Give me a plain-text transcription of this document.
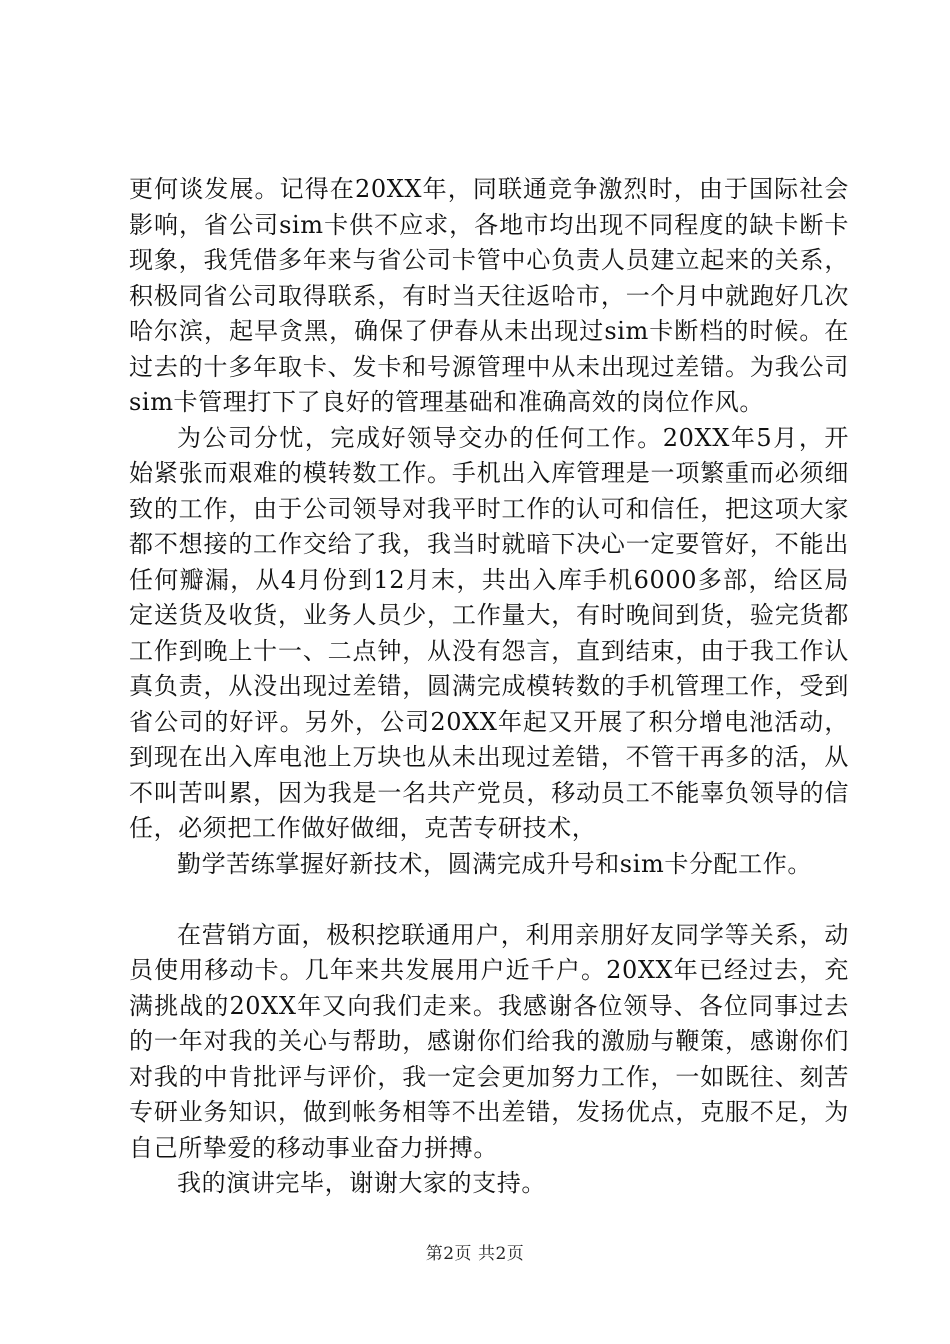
更何谈发展。记得在20XX年，同联通竞争激烈时，由于国际社会影响，省公司sim卡供不应求，各地市均出现不同程度的缺卡断卡现象，我凭借多年来与省公司卡管中心负责人员建立起来的关系，积极同省公司取得联系，有时当天往返哈市，一个月中就跑好几次哈尔滨，起早贪黑，确保了伊春从未出现过sim卡断档的时候。在过去的十多年取卡、发卡和号源管理中从未出现过差错。为我公司sim卡管理打下了良好的管理基础和准确高效的岗位作风。

为公司分忧，完成好领导交办的任何工作。20XX年5月，开始紧张而艰难的模转数工作。手机出入库管理是一项繁重而必须细致的工作，由于公司领导对我平时工作的认可和信任，把这项大家都不想接的工作交给了我，我当时就暗下决心一定要管好，不能出任何瓣漏，从4月份到12月末，共出入库手机6000多部，给区局定送货及收货，业务人员少，工作量大，有时晚间到货，验完货都工作到晚上十一、二点钟，从没有怨言，直到结束，由于我工作认真负责，从没出现过差错，圆满完成模转数的手机管理工作，受到省公司的好评。另外，公司20XX年起又开展了积分增电池活动，到现在出入库电池上万块也从未出现过差错，不管干再多的活，从不叫苦叫累，因为我是一名共产党员，移动员工不能辜负领导的信任，必须把工作做好做细，克苦专研技术，

勤学苦练掌握好新技术，圆满完成升号和sim卡分配工作。

在营销方面，极积挖联通用户，利用亲朋好友同学等关系，动员使用移动卡。几年来共发展用户近千户。20XX年已经过去，充满挑战的20XX年又向我们走来。我感谢各位领导、各位同事过去的一年对我的关心与帮助，感谢你们给我的激励与鞭策，感谢你们对我的中肯批评与评价，我一定会更加努力工作，一如既往、刻苦专研业务知识，做到帐务相等不出差错，发扬优点，克服不足，为自己所挚爱的移动事业奋力拼搏。

我的演讲完毕，谢谢大家的支持。

第2页 共2页
